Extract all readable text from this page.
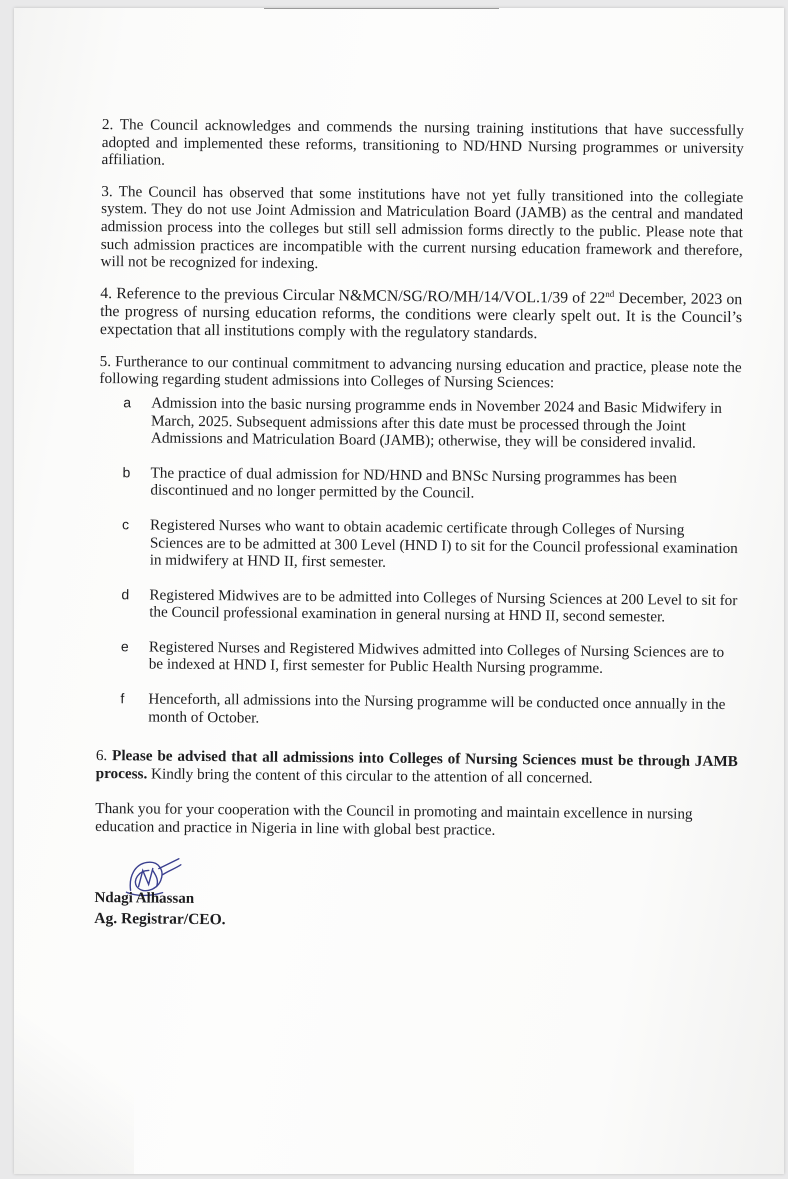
2. The Council acknowledges and commends the nursing training institutions that have successfully adopted and implemented these reforms, transitioning to ND/HND Nursing programmes or university affiliation.

3. The Council has observed that some institutions have not yet fully transitioned into the collegiate system. They do not use Joint Admission and Matriculation Board (JAMB) as the central and mandated admission process into the colleges but still sell admission forms directly to the public. Please note that such admission practices are incompatible with the current nursing education framework and therefore, will not be recognized for indexing.

4. Reference to the previous Circular N&MCN/SG/RO/MH/14/VOL.1/39 of 22nd December, 2023 on the progress of nursing education reforms, the conditions were clearly spelt out. It is the Council’s expectation that all institutions comply with the regulatory standards.

5. Furtherance to our continual commitment to advancing nursing education and practice, please note the following regarding student admissions into Colleges of Nursing Sciences:

a	Admission into the basic nursing programme ends in November 2024 and Basic Midwifery in March, 2025. Subsequent admissions after this date must be processed through the Joint Admissions and Matriculation Board (JAMB); otherwise, they will be considered invalid.
b	The practice of dual admission for ND/HND and BNSc Nursing programmes has been discontinued and no longer permitted by the Council.
c	Registered Nurses who want to obtain academic certificate through Colleges of Nursing Sciences are to be admitted at 300 Level (HND I) to sit for the Council professional examination in midwifery at HND II, first semester.
d	Registered Midwives are to be admitted into Colleges of Nursing Sciences at 200 Level to sit for the Council professional examination in general nursing at HND II, second semester.
e	Registered Nurses and Registered Midwives admitted into Colleges of Nursing Sciences are to be indexed at HND I, first semester for Public Health Nursing programme.
f	Henceforth, all admissions into the Nursing programme will be conducted once annually in the month of October.

6. Please be advised that all admissions into Colleges of Nursing Sciences must be through JAMB process. Kindly bring the content of this circular to the attention of all concerned.

Thank you for your cooperation with the Council in promoting and maintain excellence in nursing education and practice in Nigeria in line with global best practice.

Ndagi Alhassan
Ag. Registrar/CEO.
